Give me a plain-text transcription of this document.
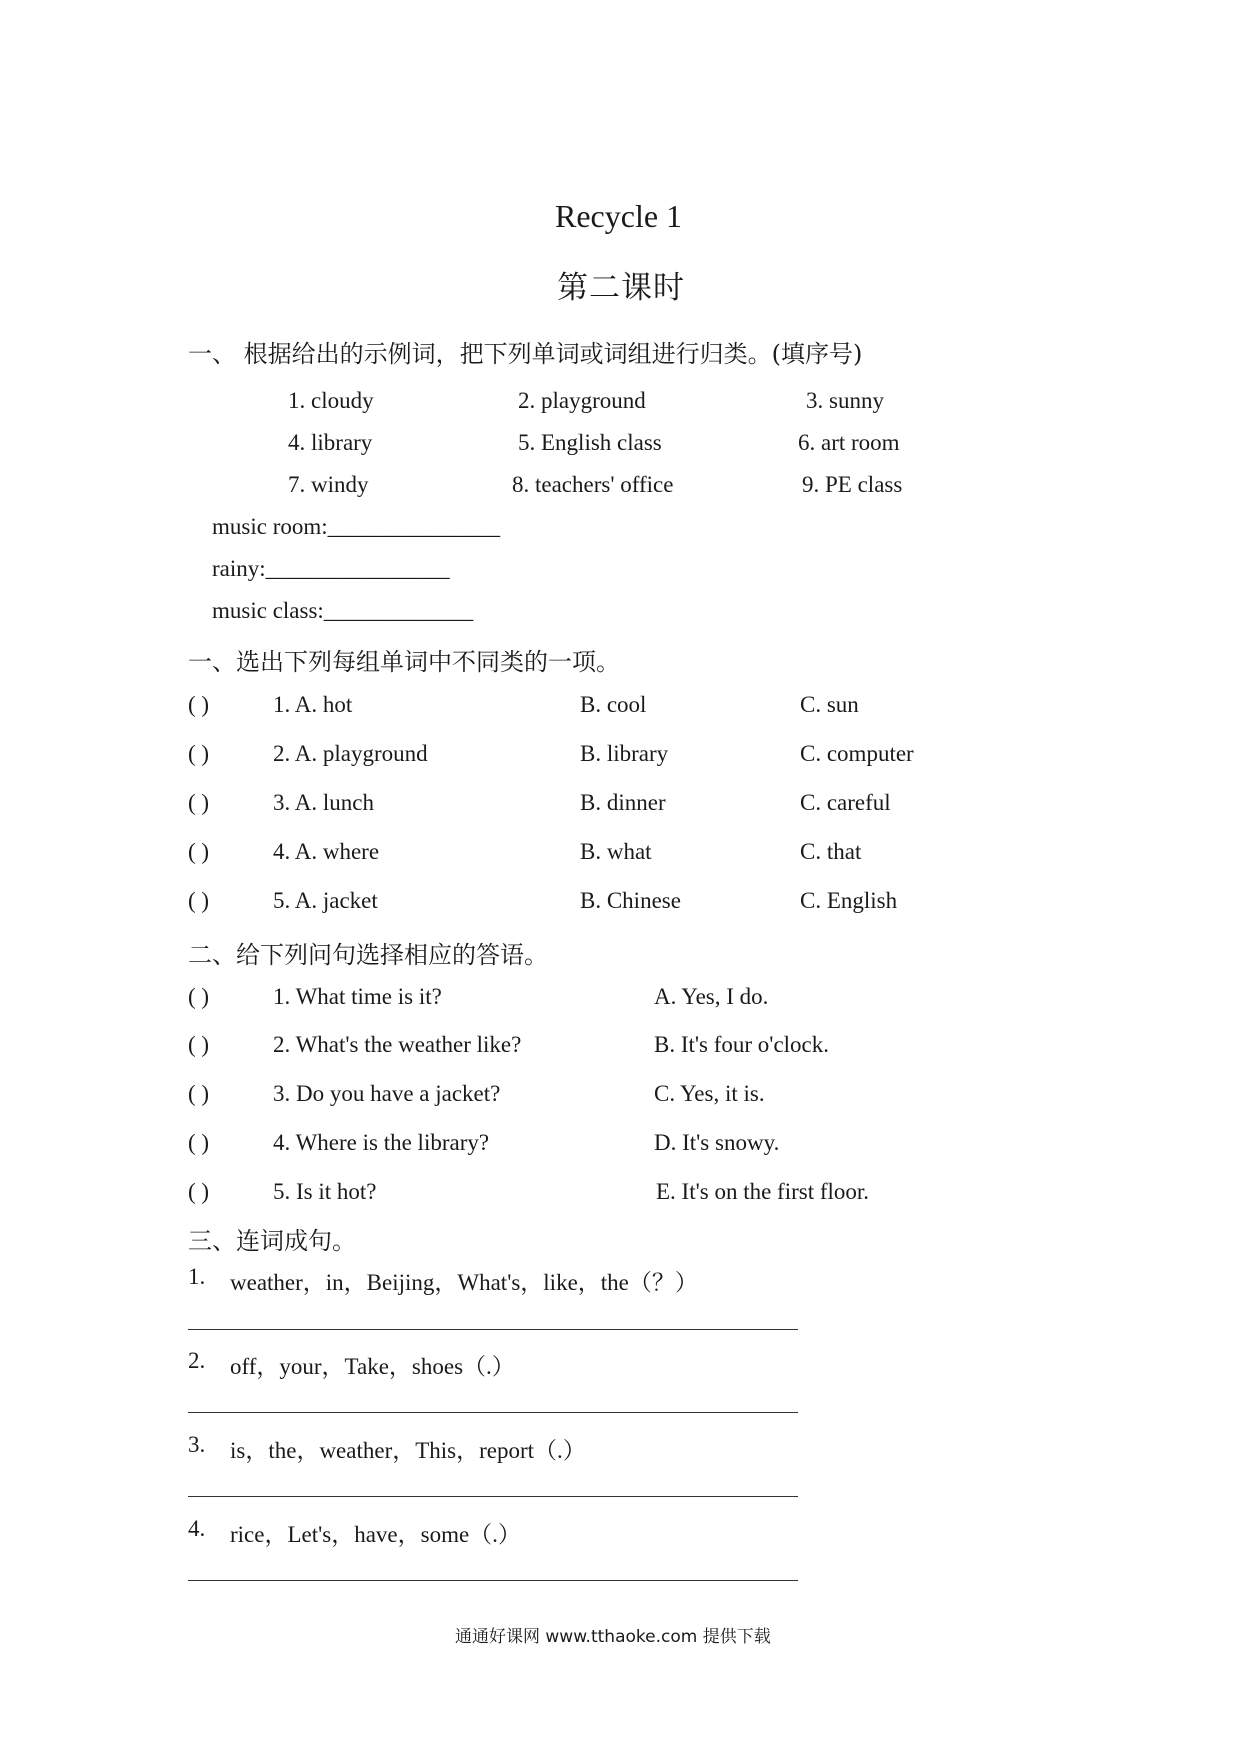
Recycle 1
第二课时
一、 根据给出的示例词，把下列单词或词组进行归类。(填序号)
1. cloudy	2. playground	3. sunny
4. library	5. English class	6. art room
7. windy	8. teachers' office	9. PE class
music room:_______________
rainy:________________
music class:_____________
一、选出下列每组单词中不同类的一项。
( )	1. A. hot	B. cool	C. sun
( )	2. A. playground	B. library	C. computer
( )	3. A. lunch	B. dinner	C. careful
( )	4. A. where	B. what	C. that
( )	5. A. jacket	B. Chinese	C. English
二、给下列问句选择相应的答语。
( )	1. What time is it?	A. Yes, I do.
( )	2. What's the weather like?	B. It's four o'clock.
( )	3. Do you have a jacket?	C. Yes, it is.
( )	4. Where is the library?	D. It's snowy.
( )	5. Is it hot?	E. It's on the first floor.
三、连词成句。
1. weather，in，Beijing，What's，like，the（？）
2. off，your，Take，shoes（.）
3. is，the，weather，This，report（.）
4. rice，Let's，have，some（.）
通通好课网 www.tthaoke.com 提供下载
